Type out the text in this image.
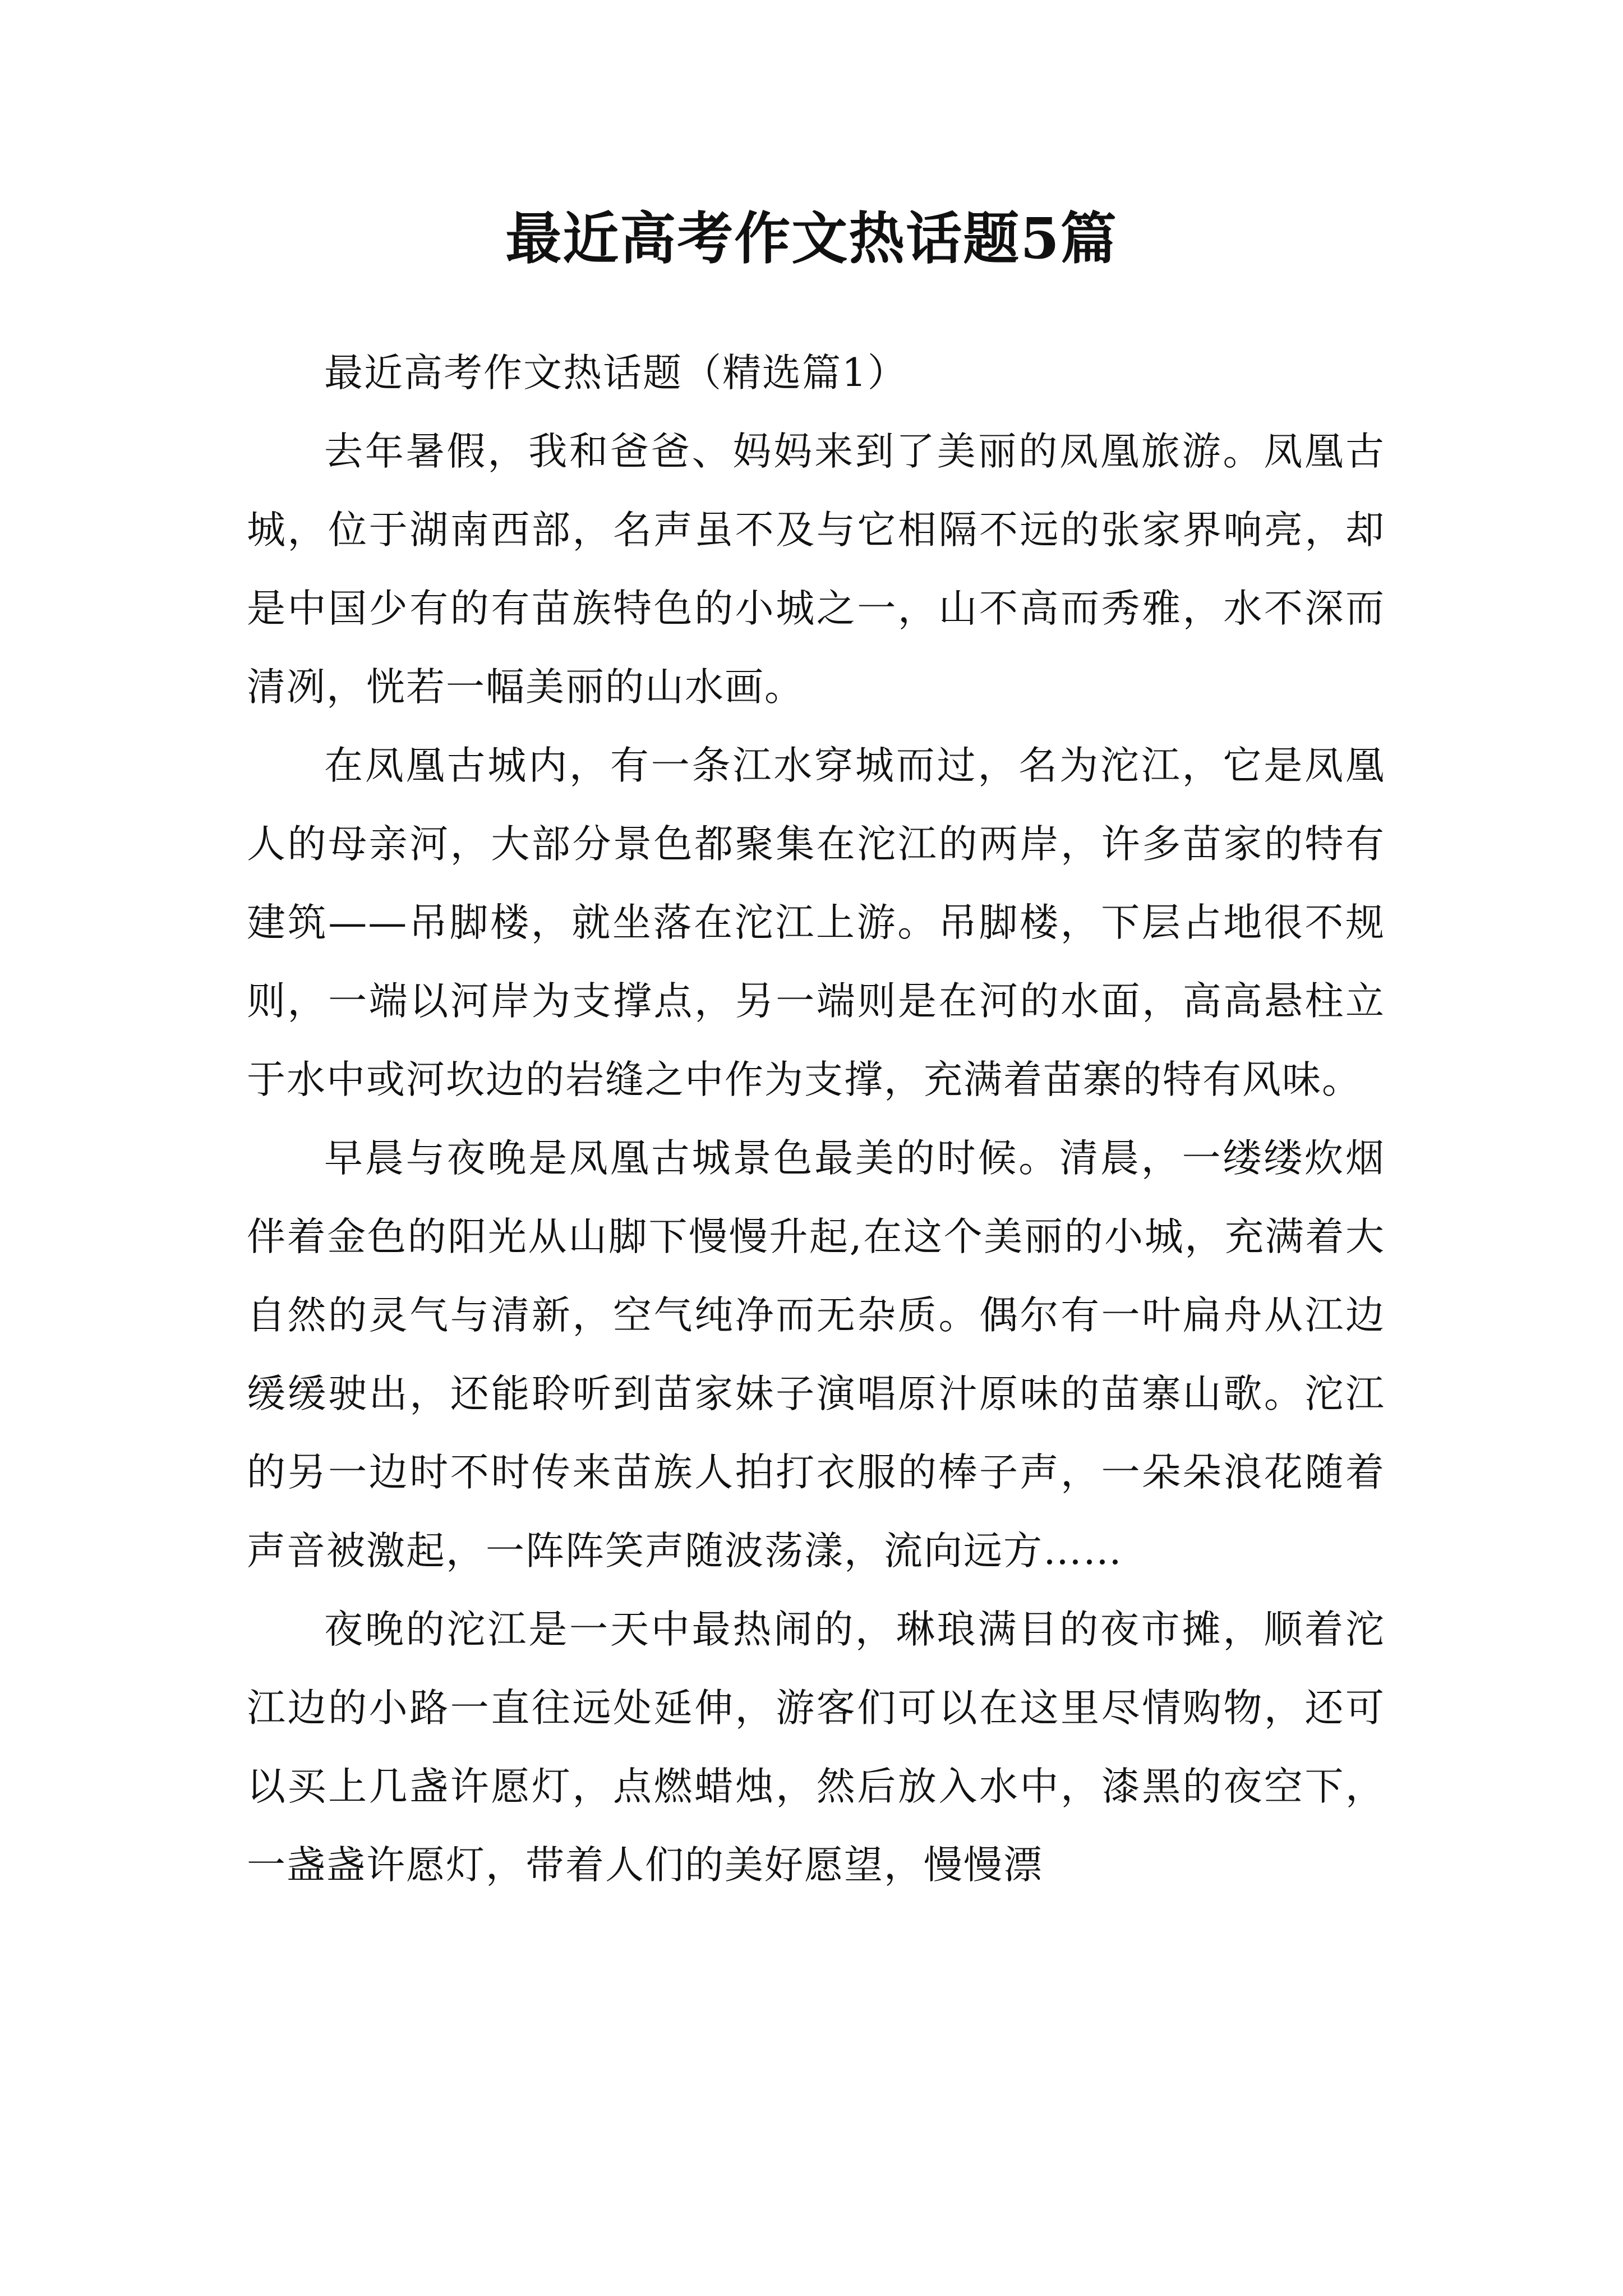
最近高考作文热话题5篇

最近高考作文热话题（精选篇1）

去年暑假，我和爸爸、妈妈来到了美丽的凤凰旅游。凤凰古城，位于湖南西部，名声虽不及与它相隔不远的张家界响亮，却是中国少有的有苗族特色的小城之一，山不高而秀雅，水不深而清冽，恍若一幅美丽的山水画。

在凤凰古城内，有一条江水穿城而过，名为沱江，它是凤凰人的母亲河，大部分景色都聚集在沱江的两岸，许多苗家的特有建筑——吊脚楼，就坐落在沱江上游。吊脚楼，下层占地很不规则，一端以河岸为支撑点，另一端则是在河的水面，高高悬柱立于水中或河坎边的岩缝之中作为支撑，充满着苗寨的特有风味。

早晨与夜晚是凤凰古城景色最美的时候。清晨，一缕缕炊烟伴着金色的阳光从山脚下慢慢升起,在这个美丽的小城，充满着大自然的灵气与清新，空气纯净而无杂质。偶尔有一叶扁舟从江边缓缓驶出，还能聆听到苗家妹子演唱原汁原味的苗寨山歌。沱江的另一边时不时传来苗族人拍打衣服的棒子声，一朵朵浪花随着声音被激起，一阵阵笑声随波荡漾，流向远方……

夜晚的沱江是一天中最热闹的，琳琅满目的夜市摊，顺着沱江边的小路一直往远处延伸，游客们可以在这里尽情购物，还可以买上几盏许愿灯，点燃蜡烛，然后放入水中，漆黑的夜空下，一盏盏许愿灯，带着人们的美好愿望，慢慢漂
